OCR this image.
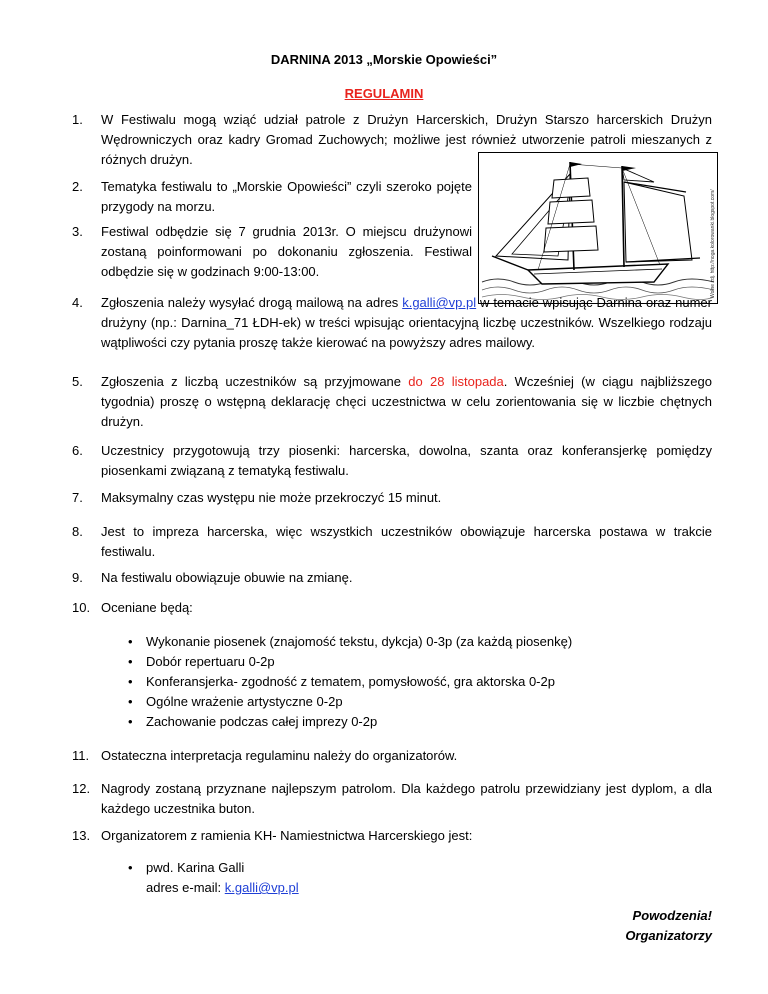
DARNINA 2013 „Morskie Opowieści”
REGULAMIN
1. W Festiwalu mogą wziąć udział patrole z Drużyn Harcerskich, Drużyn Starszo harcerskich Drużyn Wędrowniczych oraz kadry Gromad Zuchowych; możliwe jest również utworzenie patroli mieszanych z różnych drużyn.
2. Tematyka festiwalu to „Morskie Opowieści” czyli szeroko pojęte przygody na morzu.
3. Festiwal odbędzie się 7 grudnia 2013r. O miejscu drużynowi zostaną poinformowani po dokonaniu zgłoszenia. Festiwal odbędzie się w godzinach 9:00-13:00.	Wolne zdj. http://noga.kolorowanki.blogspot.com/
4. Zgłoszenia należy wysyłać drogą mailową na adres k.galli@vp.pl w temacie wpisując Darnina oraz numer drużyny (np.: Darnina_71 ŁDH-ek) w treści wpisując orientacyjną liczbę uczestników. Wszelkiego rodzaju wątpliwości czy pytania proszę także kierować na powyższy adres mailowy.
5. Zgłoszenia z liczbą uczestników są przyjmowane do 28 listopada. Wcześniej (w ciągu najbliższego tygodnia) proszę o wstępną deklarację chęci uczestnictwa w celu zorientowania się w liczbie chętnych drużyn.
6. Uczestnicy przygotowują trzy piosenki: harcerska, dowolna, szanta oraz konferansjerkę pomiędzy piosenkami związaną z tematyką festiwalu.
7. Maksymalny czas występu nie może przekroczyć 15 minut.
8. Jest to impreza harcerska, więc wszystkich uczestników obowiązuje harcerska postawa w trakcie festiwalu.
9. Na festiwalu obowiązuje obuwie na zmianę.
10. Oceniane będą:
• Wykonanie piosenek (znajomość tekstu, dykcja) 0-3p (za każdą piosenkę)
• Dobór repertuaru 0-2p
• Konferansjerka- zgodność z tematem, pomysłowość, gra aktorska 0-2p
• Ogólne wrażenie artystyczne 0-2p
• Zachowanie podczas całej imprezy 0-2p
11. Ostateczna interpretacja regulaminu należy do organizatorów.
12. Nagrody zostaną przyznane najlepszym patrolom. Dla każdego patrolu przewidziany jest dyplom, a dla każdego uczestnika buton.
13. Organizatorem z ramienia KH- Namiestnictwa Harcerskiego jest:
• pwd. Karina Galli
adres e-mail: k.galli@vp.pl
Powodzenia!
Organizatorzy
